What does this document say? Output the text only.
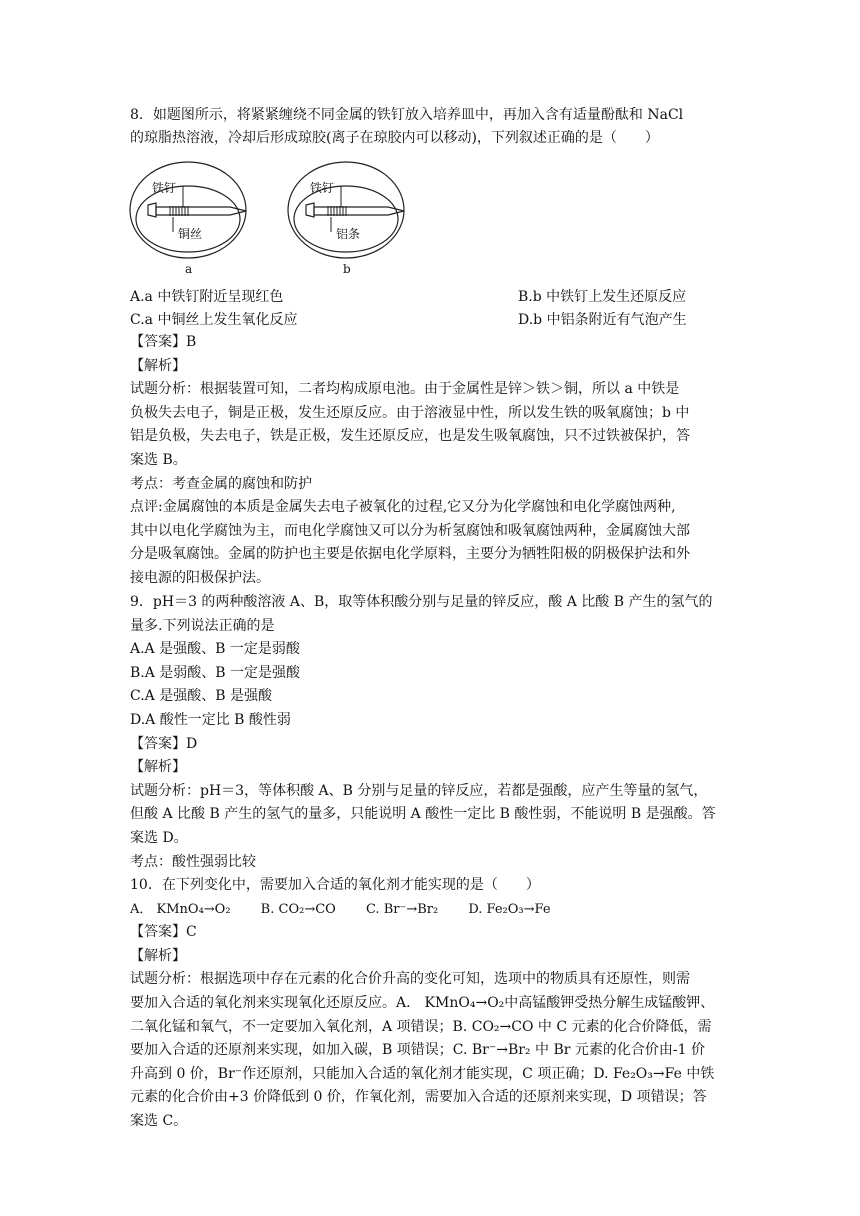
8．如题图所示，将紧紧缠绕不同金属的铁钉放入培养皿中，再加入含有适量酚酞和 NaCl
的琼脂热溶液，冷却后形成琼胶(离子在琼胶内可以移动)，下列叙述正确的是（　　）
铁钉
铜丝
a
铁钉
铝条
b
A.a 中铁钉附近呈现红色	B.b 中铁钉上发生还原反应
C.a 中铜丝上发生氧化反应	D.b 中铝条附近有气泡产生
【答案】B
【解析】
试题分析：根据装置可知，二者均构成原电池。由于金属性是锌＞铁＞铜，所以 a 中铁是
负极失去电子，铜是正极，发生还原反应。由于溶液显中性，所以发生铁的吸氧腐蚀；b 中
铝是负极，失去电子，铁是正极，发生还原反应，也是发生吸氧腐蚀，只不过铁被保护，答
案选 B。
考点：考查金属的腐蚀和防护
点评:金属腐蚀的本质是金属失去电子被氧化的过程,它又分为化学腐蚀和电化学腐蚀两种,
其中以电化学腐蚀为主，而电化学腐蚀又可以分为析氢腐蚀和吸氧腐蚀两种，金属腐蚀大部
分是吸氧腐蚀。金属的防护也主要是依据电化学原料，主要分为牺牲阳极的阴极保护法和外
接电源的阳极保护法。
9．pH＝3 的两种酸溶液 A、B，取等体积酸分别与足量的锌反应，酸 A 比酸 B 产生的氢气的
量多.下列说法正确的是
A.A 是强酸、B 一定是弱酸
B.A 是弱酸、B 一定是强酸
C.A 是强酸、B 是强酸
D.A 酸性一定比 B 酸性弱
【答案】D
【解析】
试题分析：pH＝3，等体积酸 A、B 分别与足量的锌反应，若都是强酸，应产生等量的氢气，
但酸 A 比酸 B 产生的氢气的量多，只能说明 A 酸性一定比 B 酸性弱，不能说明 B 是强酸。答
案选 D。
考点：酸性强弱比较
10．在下列变化中，需要加入合适的氧化剂才能实现的是（　　）
A． KMnO₄→O₂　　 B. CO₂→CO　　 C. Br⁻→Br₂　　 D. Fe₂O₃→Fe
【答案】C
【解析】
试题分析：根据选项中存在元素的化合价升高的变化可知，选项中的物质具有还原性，则需
要加入合适的氧化剂来实现氧化还原反应。A． KMnO₄→O₂中高锰酸钾受热分解生成锰酸钾、
二氧化锰和氧气，不一定要加入氧化剂，A 项错误；B. CO₂→CO 中 C 元素的化合价降低，需
要加入合适的还原剂来实现，如加入碳，B 项错误；C. Br⁻→Br₂ 中 Br 元素的化合价由-1 价
升高到 0 价，Br⁻作还原剂，只能加入合适的氧化剂才能实现，C 项正确；D. Fe₂O₃→Fe 中铁
元素的化合价由+3 价降低到 0 价，作氧化剂，需要加入合适的还原剂来实现，D 项错误；答
案选 C。
